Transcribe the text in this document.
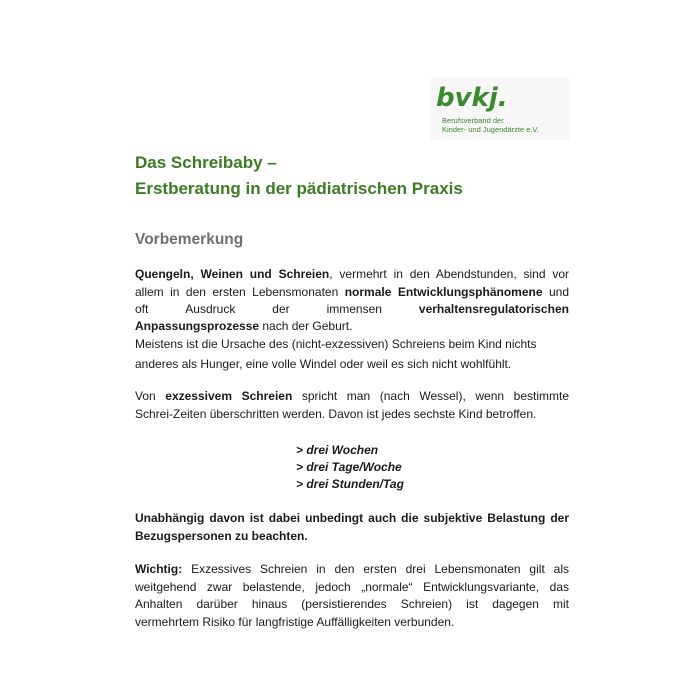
bvkj.
Berufsverband der
Kinder- und Jugendärzte e.V.
Das Schreibaby –
Erstberatung in der pädiatrischen Praxis
Vorbemerkung
Quengeln, Weinen und Schreien, vermehrt in den Abendstunden, sind vor
allem in den ersten Lebensmonaten normale Entwicklungsphänomene und
oft	Ausdruck	der	immensen	verhaltensregulatorischen
Anpassungsprozesse nach der Geburt.
Meistens ist die Ursache des (nicht-exzessiven) Schreiens beim Kind nichts
anderes als Hunger, eine volle Windel oder weil es sich nicht wohlfühlt.
Von exzessivem Schreien spricht man (nach Wessel), wenn bestimmte
Schrei-Zeiten überschritten werden. Davon ist jedes sechste Kind betroffen.
> drei Wochen
> drei Tage/Woche
> drei Stunden/Tag
Unabhängig davon ist dabei unbedingt auch die subjektive Belastung der
Bezugspersonen zu beachten.
Wichtig: Exzessives Schreien in den ersten drei Lebensmonaten gilt als
weitgehend zwar belastende, jedoch „normale“ Entwicklungsvariante, das
Anhalten darüber hinaus (persistierendes Schreien) ist dagegen mit
vermehrtem Risiko für langfristige Auffälligkeiten verbunden.
